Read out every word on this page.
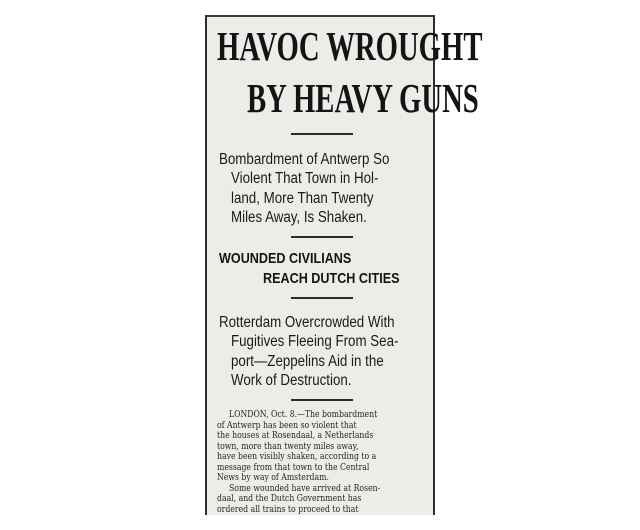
HAVOC WROUGHT
BY HEAVY GUNS
Bombardment of Antwerp So
Violent That Town in Hol-
land, More Than Twenty
Miles Away, Is Shaken.
WOUNDED CIVILIANS
REACH DUTCH CITIES
Rotterdam Overcrowded With
Fugitives Fleeing From Sea-
port—Zeppelins Aid in the
Work of Destruction.
LONDON, Oct. 8.—The bombardment
of Antwerp has been so violent that
the houses at Rosendaal, a Netherlands
town, more than twenty miles away,
have been visibly shaken, according to a
message from that town to the Central
News by way of Amsterdam.
Some wounded have arrived at Rosen-
daal, and the Dutch Government has
ordered all trains to proceed to that
